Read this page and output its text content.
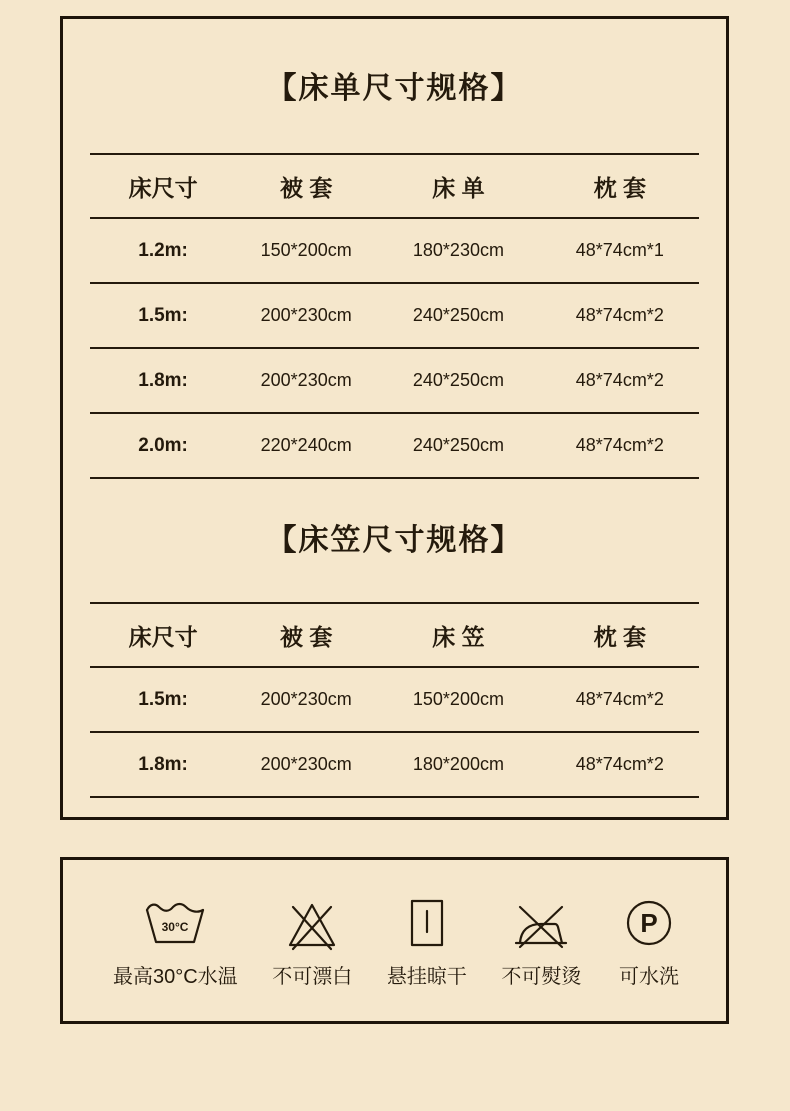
【床单尺寸规格】
床尺寸	被 套	床 单	枕 套
1.2m:	150*200cm	180*230cm	48*74cm*1
1.5m:	200*230cm	240*250cm	48*74cm*2
1.8m:	200*230cm	240*250cm	48*74cm*2
2.0m:	220*240cm	240*250cm	48*74cm*2
【床笠尺寸规格】
床尺寸	被 套	床 笠	枕 套
1.5m:	200*230cm	150*200cm	48*74cm*2
1.8m:	200*230cm	180*200cm	48*74cm*2
30°C
最高30°C水温 不可漂白 悬挂晾干 不可熨烫
P
可水洗
